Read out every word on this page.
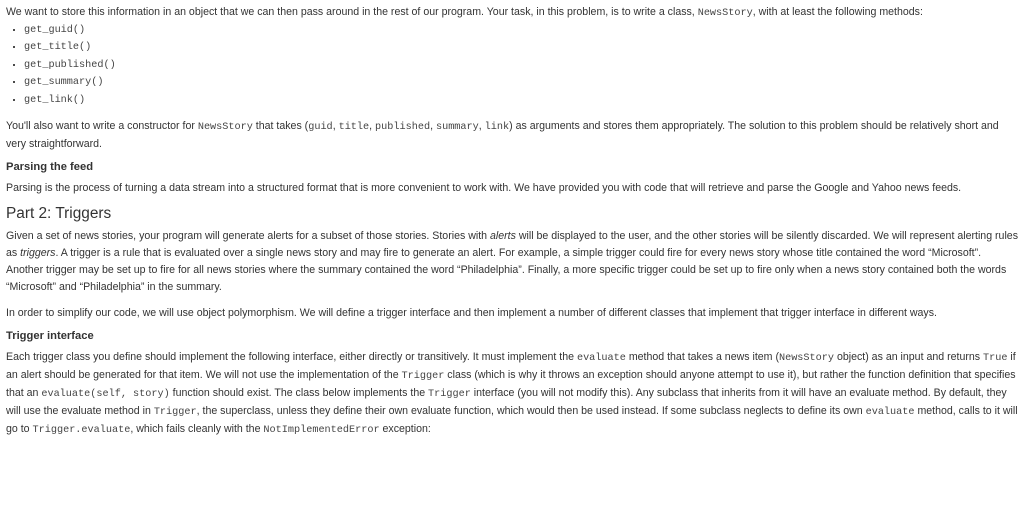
We want to store this information in an object that we can then pass around in the rest of our program. Your task, in this problem, is to write a class, NewsStory, with at least the following methods:

• get_guid()
• get_title()
• get_published()
• get_summary()
• get_link()

You'll also want to write a constructor for NewsStory that takes (guid, title, published, summary, link) as arguments and stores them appropriately. The solution to this problem should be relatively short and very straightforward.

Parsing the feed

Parsing is the process of turning a data stream into a structured format that is more convenient to work with. We have provided you with code that will retrieve and parse the Google and Yahoo news feeds.

Part 2: Triggers

Given a set of news stories, your program will generate alerts for a subset of those stories. Stories with alerts will be displayed to the user, and the other stories will be silently discarded. We will represent alerting rules as triggers. A trigger is a rule that is evaluated over a single news story and may fire to generate an alert. For example, a simple trigger could fire for every news story whose title contained the word “Microsoft”. Another trigger may be set up to fire for all news stories where the summary contained the word “Philadelphia”. Finally, a more specific trigger could be set up to fire only when a news story contained both the words “Microsoft” and “Philadelphia” in the summary.

In order to simplify our code, we will use object polymorphism. We will define a trigger interface and then implement a number of different classes that implement that trigger interface in different ways.

Trigger interface

Each trigger class you define should implement the following interface, either directly or transitively. It must implement the evaluate method that takes a news item (NewsStory object) as an input and returns True if an alert should be generated for that item. We will not use the implementation of the Trigger class (which is why it throws an exception should anyone attempt to use it), but rather the function definition that specifies that an evaluate(self, story) function should exist. The class below implements the Trigger interface (you will not modify this). Any subclass that inherits from it will have an evaluate method. By default, they will use the evaluate method in Trigger, the superclass, unless they define their own evaluate function, which would then be used instead. If some subclass neglects to define its own evaluate method, calls to it will go to Trigger.evaluate, which fails cleanly with the NotImplementedError exception:
